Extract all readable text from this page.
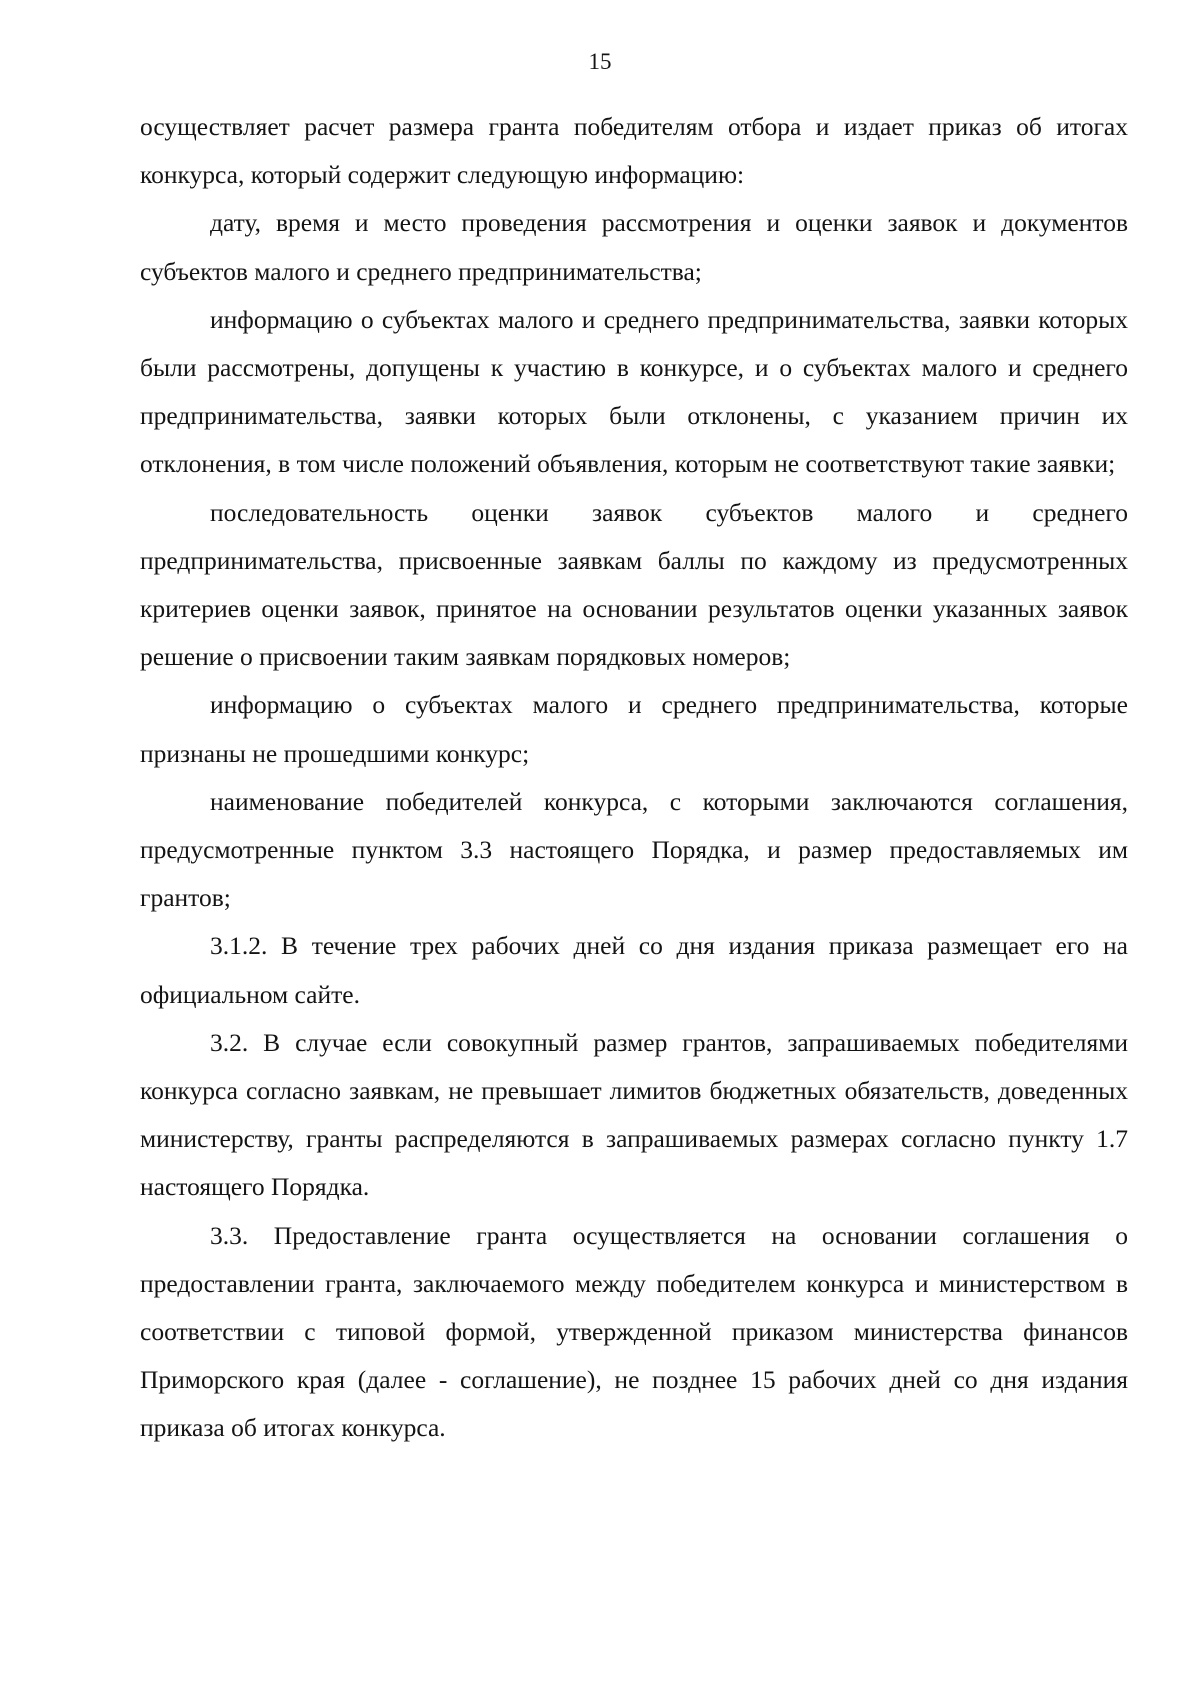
15

осуществляет расчет размера гранта победителям отбора и издает приказ об итогах конкурса, который содержит следующую информацию:

дату, время и место проведения рассмотрения и оценки заявок и документов субъектов малого и среднего предпринимательства;

информацию о субъектах малого и среднего предпринимательства, заявки которых были рассмотрены, допущены к участию в конкурсе, и о субъектах малого и среднего предпринимательства, заявки которых были отклонены, с указанием причин их отклонения, в том числе положений объявления, которым не соответствуют такие заявки;

последовательность оценки заявок субъектов малого и среднего предпринимательства, присвоенные заявкам баллы по каждому из предусмотренных критериев оценки заявок, принятое на основании результатов оценки указанных заявок решение о присвоении таким заявкам порядковых номеров;

информацию о субъектах малого и среднего предпринимательства, которые признаны не прошедшими конкурс;

наименование победителей конкурса, с которыми заключаются соглашения, предусмотренные пунктом 3.3 настоящего Порядка, и размер предоставляемых им грантов;

3.1.2. В течение трех рабочих дней со дня издания приказа размещает его на официальном сайте.

3.2. В случае если совокупный размер грантов, запрашиваемых победителями конкурса согласно заявкам, не превышает лимитов бюджетных обязательств, доведенных министерству, гранты распределяются в запрашиваемых размерах согласно пункту 1.7 настоящего Порядка.

3.3. Предоставление гранта осуществляется на основании соглашения о предоставлении гранта, заключаемого между победителем конкурса и министерством в соответствии с типовой формой, утвержденной приказом министерства финансов Приморского края (далее - соглашение), не позднее 15 рабочих дней со дня издания приказа об итогах конкурса.
